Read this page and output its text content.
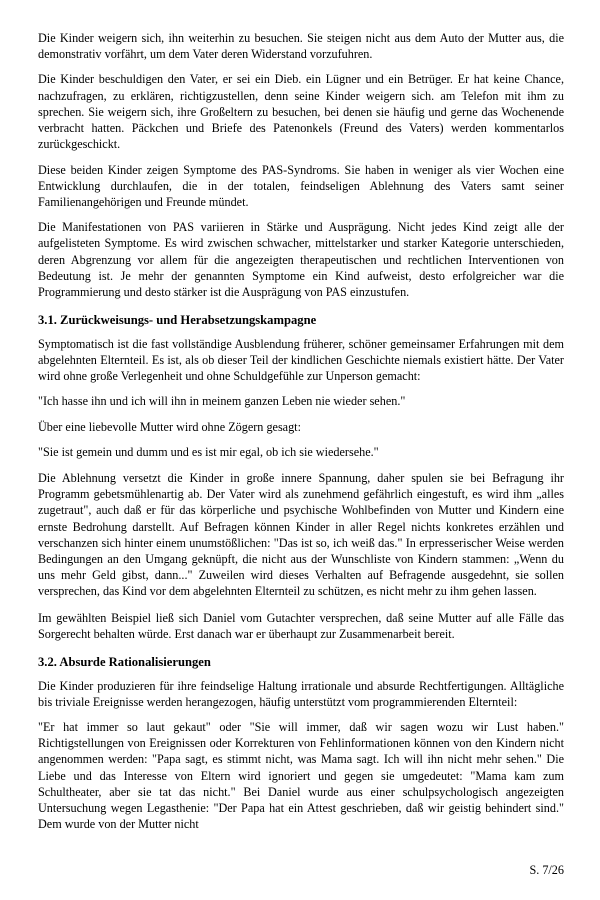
Die Kinder weigern sich, ihn weiterhin zu besuchen. Sie steigen nicht aus dem Auto der Mutter aus, die demonstrativ vorfährt, um dem Vater deren Widerstand vorzufuhren.

Die Kinder beschuldigen den Vater, er sei ein Dieb. ein Lügner und ein Betrüger. Er hat keine Chance, nachzufragen, zu erklären, richtigzustellen, denn seine Kinder weigern sich. am Telefon mit ihm zu sprechen. Sie weigern sich, ihre Großeltern zu besuchen, bei denen sie häufig und gerne das Wochenende verbracht hatten. Päckchen und Briefe des Patenonkels (Freund des Vaters) werden kommentarlos zurückgeschickt.

Diese beiden Kinder zeigen Symptome des PAS-Syndroms. Sie haben in weniger als vier Wochen eine Entwicklung durchlaufen, die in der totalen, feindseligen Ablehnung des Vaters samt seiner Familienangehörigen und Freunde mündet.

Die Manifestationen von PAS variieren in Stärke und Ausprägung. Nicht jedes Kind zeigt alle der aufgelisteten Symptome. Es wird zwischen schwacher, mittelstarker und starker Kategorie unterschieden, deren Abgrenzung vor allem für die angezeigten therapeutischen und rechtlichen Interventionen von Bedeutung ist. Je mehr der genannten Symptome ein Kind aufweist, desto erfolgreicher war die Programmierung und desto stärker ist die Ausprägung von PAS einzustufen.

3.1. Zurückweisungs- und Herabsetzungskampagne

Symptomatisch ist die fast vollständige Ausblendung früherer, schöner gemeinsamer Erfahrungen mit dem abgelehnten Elternteil. Es ist, als ob dieser Teil der kindlichen Geschichte niemals existiert hätte. Der Vater wird ohne große Verlegenheit und ohne Schuldgefühle zur Unperson gemacht:

"Ich hasse ihn und ich will ihn in meinem ganzen Leben nie wieder sehen."

Über eine liebevolle Mutter wird ohne Zögern gesagt:

"Sie ist gemein und dumm und es ist mir egal, ob ich sie wiedersehe."

Die Ablehnung versetzt die Kinder in große innere Spannung, daher spulen sie bei Befragung ihr Programm gebetsmühlenartig ab. Der Vater wird als zunehmend gefährlich eingestuft, es wird ihm „alles zugetraut", auch daß er für das körperliche und psychische Wohlbefinden von Mutter und Kindern eine ernste Bedrohung darstellt. Auf Befragen können Kinder in aller Regel nichts konkretes erzählen und verschanzen sich hinter einem unumstößlichen: "Das ist so, ich weiß das." In erpresserischer Weise werden Bedingungen an den Umgang geknüpft, die nicht aus der Wunschliste von Kindern stammen: „Wenn du uns mehr Geld gibst, dann..." Zuweilen wird dieses Verhalten auf Befragende ausgedehnt, sie sollen versprechen, das Kind vor dem abgelehnten Elternteil zu schützen, es nicht mehr zu ihm gehen lassen.

Im gewählten Beispiel ließ sich Daniel vom Gutachter versprechen, daß seine Mutter auf alle Fälle das Sorgerecht behalten würde. Erst danach war er überhaupt zur Zusammenarbeit bereit.

3.2. Absurde Rationalisierungen

Die Kinder produzieren für ihre feindselige Haltung irrationale und absurde Rechtfertigungen. Alltägliche bis triviale Ereignisse werden herangezogen, häufig unterstützt vom programmierenden Elternteil:

"Er hat immer so laut gekaut" oder "Sie will immer, daß wir sagen wozu wir Lust haben." Richtigstellungen von Ereignissen oder Korrekturen von Fehlinformationen können von den Kindern nicht angenommen werden: "Papa sagt, es stimmt nicht, was Mama sagt. Ich will ihn nicht mehr sehen." Die Liebe und das Interesse von Eltern wird ignoriert und gegen sie umgedeutet: "Mama kam zum Schultheater, aber sie tat das nicht." Bei Daniel wurde aus einer schulpsychologisch angezeigten Untersuchung wegen Legasthenie: "Der Papa hat ein Attest geschrieben, daß wir geistig behindert sind." Dem wurde von der Mutter nicht

S. 7/26
